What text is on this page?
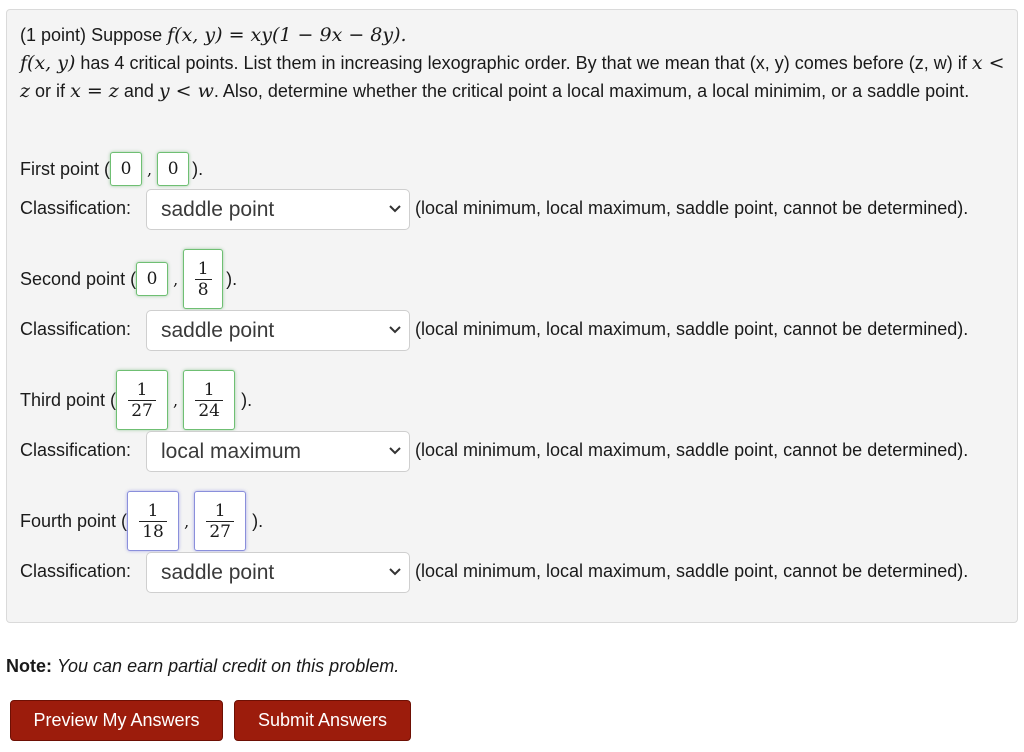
(1 point) Suppose f(x, y) = xy(1 − 9x − 8y).
f(x, y) has 4 critical points. List them in increasing lexographic order. By that we mean that (x, y) comes before (z, w) if x < z or if x = z and y < w. Also, determine whether the critical point a local maximum, a local minimim, or a saddle point.
First point ( 0 , 0 ).
Classification: saddle point	(local minimum, local maximum, saddle point, cannot be determined).
Second point ( 0 , $\frac{1}{8}$ ).
Classification: saddle point	(local minimum, local maximum, saddle point, cannot be determined).
Third point ( $\frac{1}{27}$ , $\frac{1}{24}$ ).
Classification: local maximum	(local minimum, local maximum, saddle point, cannot be determined).
Fourth point ( $\frac{1}{18}$ , $\frac{1}{27}$ ).
Classification: saddle point	(local minimum, local maximum, saddle point, cannot be determined).
Note: You can earn partial credit on this problem.
Preview My Answers	Submit Answers
